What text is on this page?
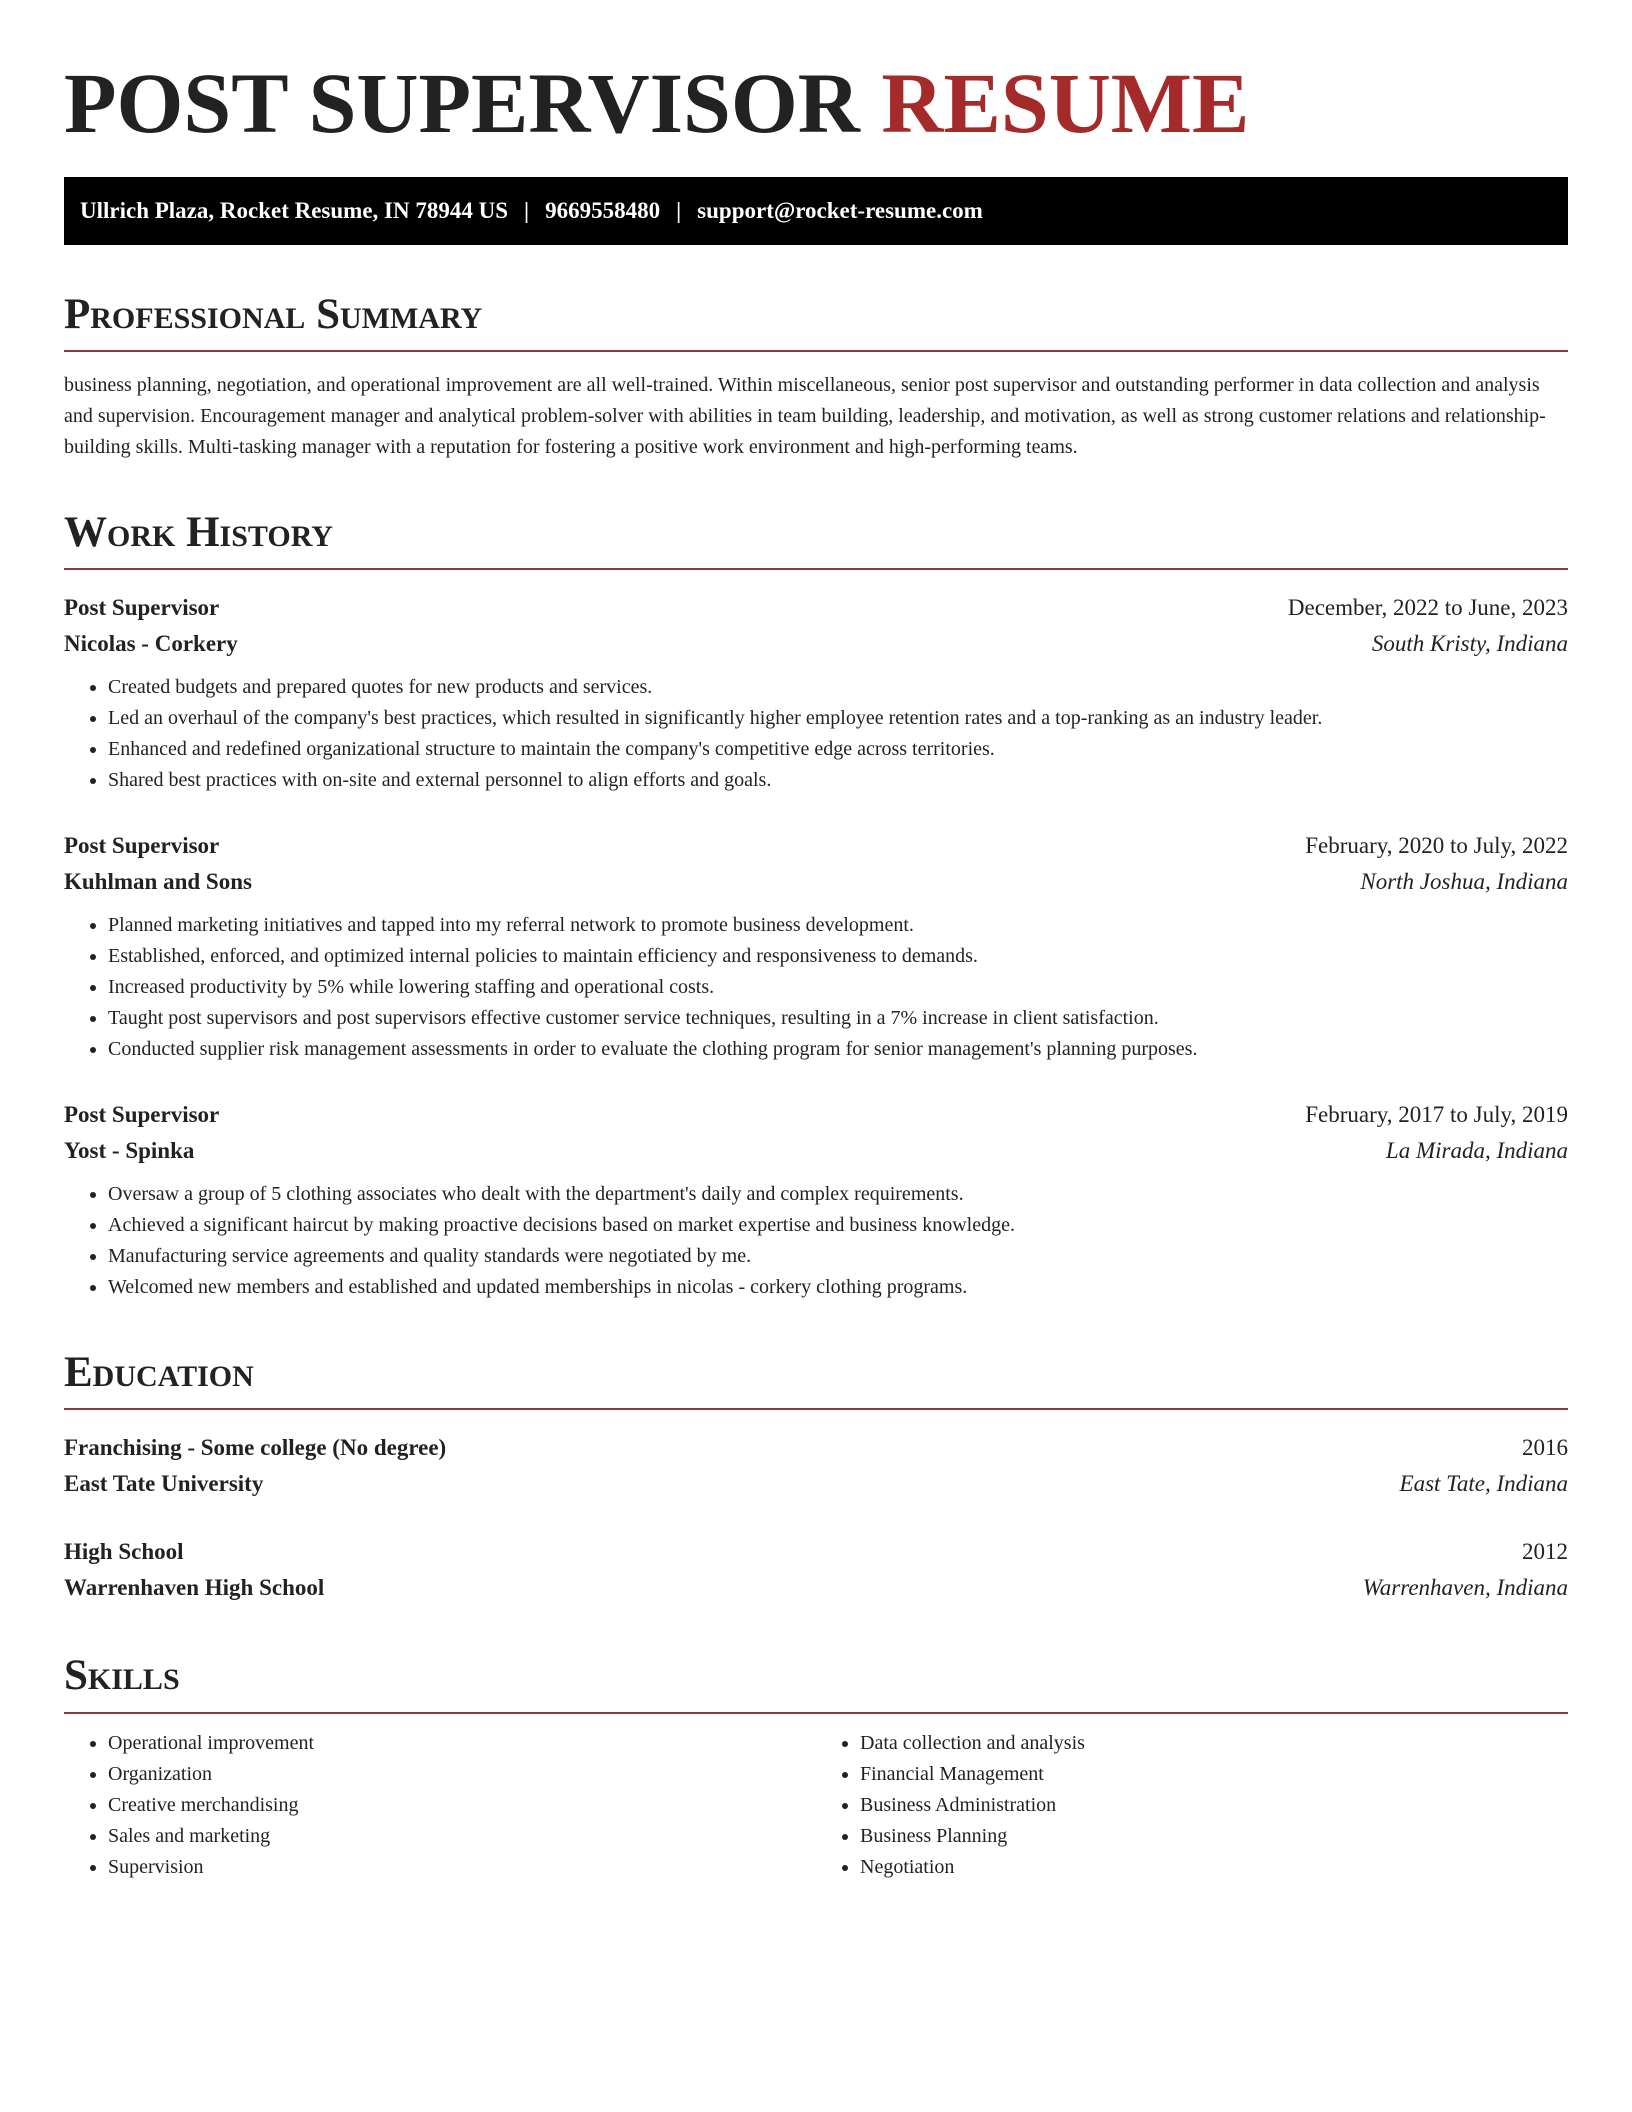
POST SUPERVISOR RESUME
Ullrich Plaza, Rocket Resume, IN 78944 US | 9669558480 | support@rocket-resume.com
Professional Summary

business planning, negotiation, and operational improvement are all well-trained. Within miscellaneous, senior post supervisor and outstanding performer in data collection and analysis and supervision. Encouragement manager and analytical problem-solver with abilities in team building, leadership, and motivation, as well as strong customer relations and relationship-building skills. Multi-tasking manager with a reputation for fostering a positive work environment and high-performing teams.

Work History
Post Supervisor	December, 2022 to June, 2023
Nicolas - Corkery	South Kristy, Indiana
• Created budgets and prepared quotes for new products and services.
• Led an overhaul of the company's best practices, which resulted in significantly higher employee retention rates and a top-ranking as an industry leader.
• Enhanced and redefined organizational structure to maintain the company's competitive edge across territories.
• Shared best practices with on-site and external personnel to align efforts and goals.
Post Supervisor	February, 2020 to July, 2022
Kuhlman and Sons	North Joshua, Indiana
• Planned marketing initiatives and tapped into my referral network to promote business development.
• Established, enforced, and optimized internal policies to maintain efficiency and responsiveness to demands.
• Increased productivity by 5% while lowering staffing and operational costs.
• Taught post supervisors and post supervisors effective customer service techniques, resulting in a 7% increase in client satisfaction.
• Conducted supplier risk management assessments in order to evaluate the clothing program for senior management's planning purposes.
Post Supervisor	February, 2017 to July, 2019
Yost - Spinka	La Mirada, Indiana
• Oversaw a group of 5 clothing associates who dealt with the department's daily and complex requirements.
• Achieved a significant haircut by making proactive decisions based on market expertise and business knowledge.
• Manufacturing service agreements and quality standards were negotiated by me.
• Welcomed new members and established and updated memberships in nicolas - corkery clothing programs.
Education
Franchising - Some college (No degree)	2016
East Tate University	East Tate, Indiana
High School	2012
Warrenhaven High School	Warrenhaven, Indiana
Skills
• Operational improvement
• Organization
• Creative merchandising
• Sales and marketing
• Supervision
• Data collection and analysis
• Financial Management
• Business Administration
• Business Planning
• Negotiation
